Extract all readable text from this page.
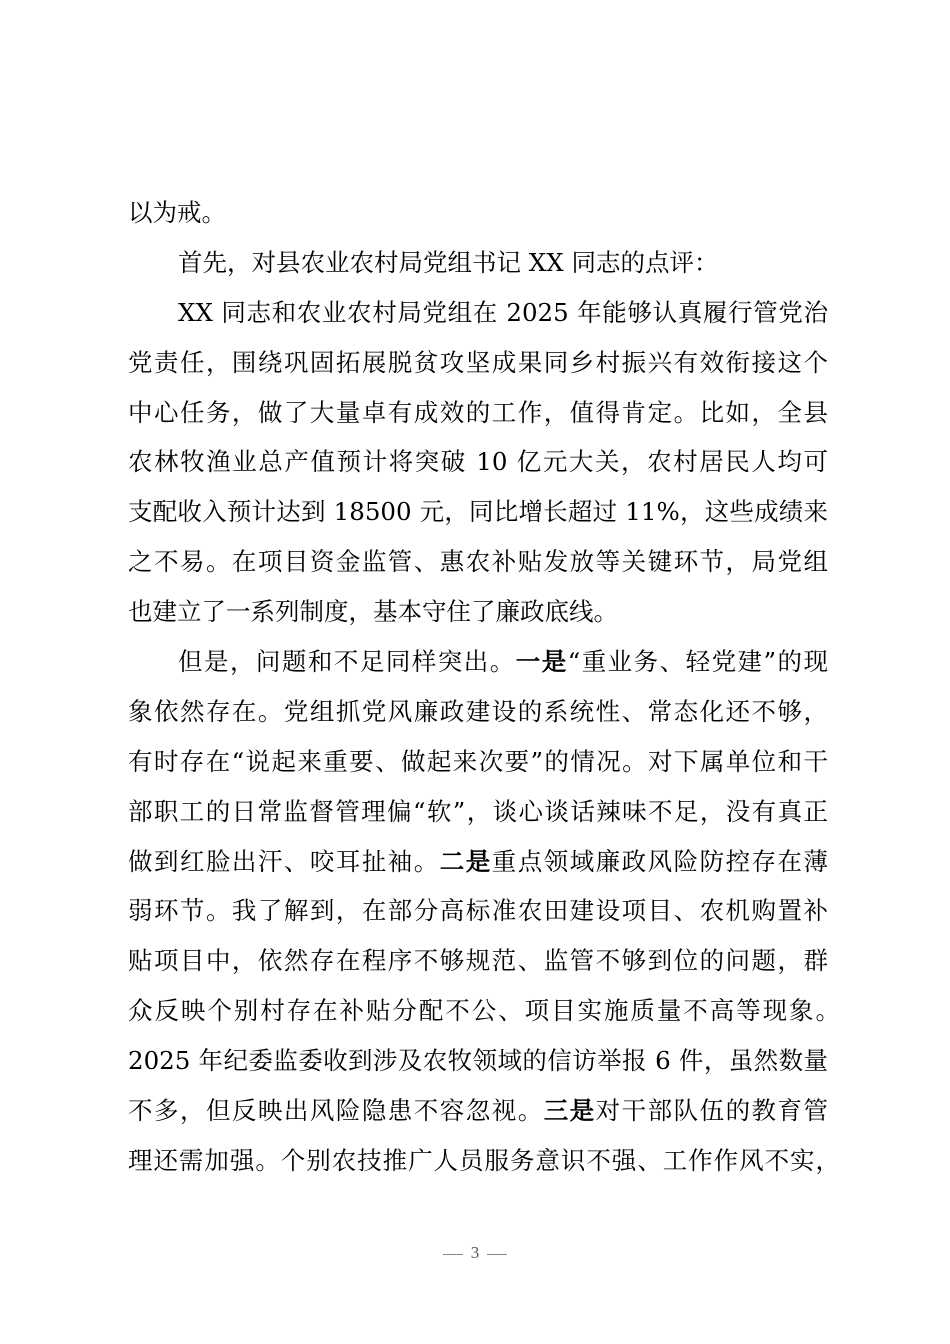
以为戒。
首先，对县农业农村局党组书记 XX 同志的点评：
XX 同志和农业农村局党组在 2025 年能够认真履行管党治
党责任，围绕巩固拓展脱贫攻坚成果同乡村振兴有效衔接这个
中心任务，做了大量卓有成效的工作，值得肯定。比如，全县
农林牧渔业总产值预计将突破 10 亿元大关，农村居民人均可
支配收入预计达到 18500 元，同比增长超过 11%，这些成绩来
之不易。在项目资金监管、惠农补贴发放等关键环节，局党组
也建立了一系列制度，基本守住了廉政底线。
但是，问题和不足同样突出。一是“重业务、轻党建”的现
象依然存在。党组抓党风廉政建设的系统性、常态化还不够，
有时存在“说起来重要、做起来次要”的情况。对下属单位和干
部职工的日常监督管理偏“软”，谈心谈话辣味不足，没有真正
做到红脸出汗、咬耳扯袖。二是重点领域廉政风险防控存在薄
弱环节。我了解到，在部分高标准农田建设项目、农机购置补
贴项目中，依然存在程序不够规范、监管不够到位的问题，群
众反映个别村存在补贴分配不公、项目实施质量不高等现象。
2025 年纪委监委收到涉及农牧领域的信访举报 6 件，虽然数量
不多，但反映出风险隐患不容忽视。三是对干部队伍的教育管
理还需加强。个别农技推广人员服务意识不强、工作作风不实，
3
